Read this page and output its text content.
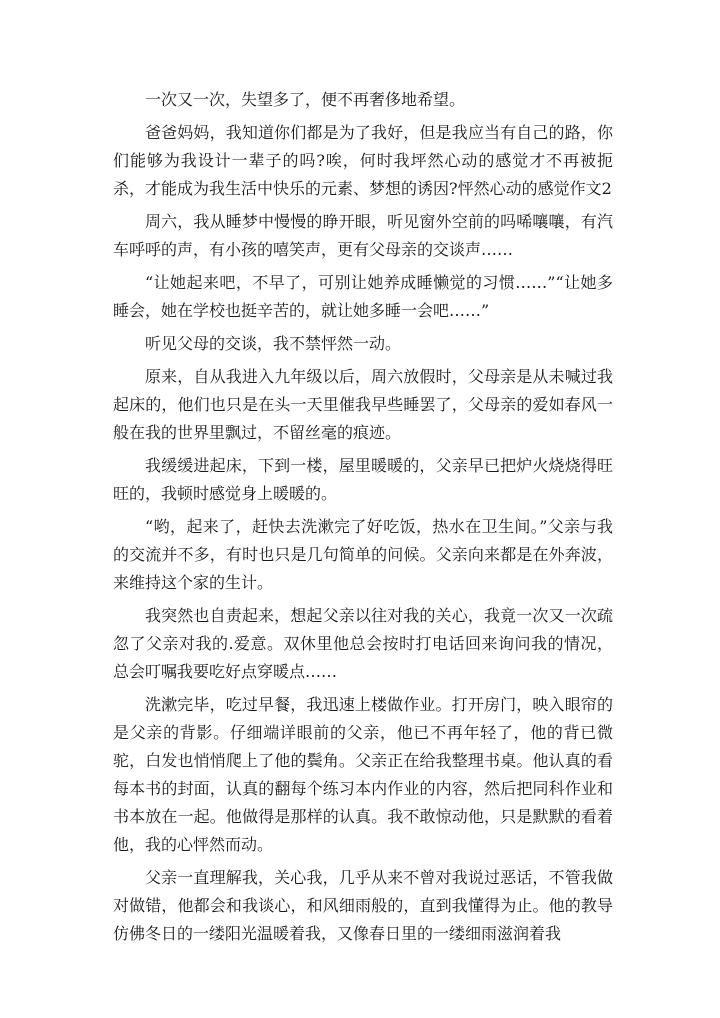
一次又一次，失望多了，便不再奢侈地希望。

爸爸妈妈，我知道你们都是为了我好，但是我应当有自己的路，你们能够为我设计一辈子的吗?唉，何时我坪然心动的感觉才不再被扼杀，才能成为我生活中快乐的元素、梦想的诱因?怦然心动的感觉作文2

周六，我从睡梦中慢慢的睁开眼，听见窗外空前的吗唏嚷嚷，有汽车呼呼的声，有小孩的嘻笑声，更有父母亲的交谈声……

“让她起来吧，不早了，可别让她养成睡懒觉的习惯……”“让她多睡会，她在学校也挺辛苦的，就让她多睡一会吧……”

听见父母的交谈，我不禁怦然一动。

原来，自从我进入九年级以后，周六放假时，父母亲是从未喊过我起床的，他们也只是在头一天里催我早些睡罢了，父母亲的爱如春风一般在我的世界里飘过，不留丝毫的痕迹。

我缓缓进起床，下到一楼，屋里暖暖的，父亲早已把炉火烧烧得旺旺的，我顿时感觉身上暖暖的。

“哟，起来了，赶快去洗漱完了好吃饭，热水在卫生间。”父亲与我的交流并不多，有时也只是几句简单的问候。父亲向来都是在外奔波，来维持这个家的生计。

我突然也自责起来，想起父亲以往对我的关心，我竟一次又一次疏忽了父亲对我的.爱意。双休里他总会按时打电话回来询问我的情况，总会叮嘱我要吃好点穿暖点……

洗漱完毕，吃过早餐，我迅速上楼做作业。打开房门，映入眼帘的是父亲的背影。仔细端详眼前的父亲，他已不再年轻了，他的背已微驼，白发也悄悄爬上了他的鬓角。父亲正在给我整理书桌。他认真的看每本书的封面，认真的翻每个练习本内作业的内容，然后把同科作业和书本放在一起。他做得是那样的认真。我不敢惊动他，只是默默的看着他，我的心怦然而动。

父亲一直理解我，关心我，几乎从来不曾对我说过恶话，不管我做对做错，他都会和我谈心，和风细雨般的，直到我懂得为止。他的教导仿佛冬日的一缕阳光温暖着我，又像春日里的一缕细雨滋润着我
